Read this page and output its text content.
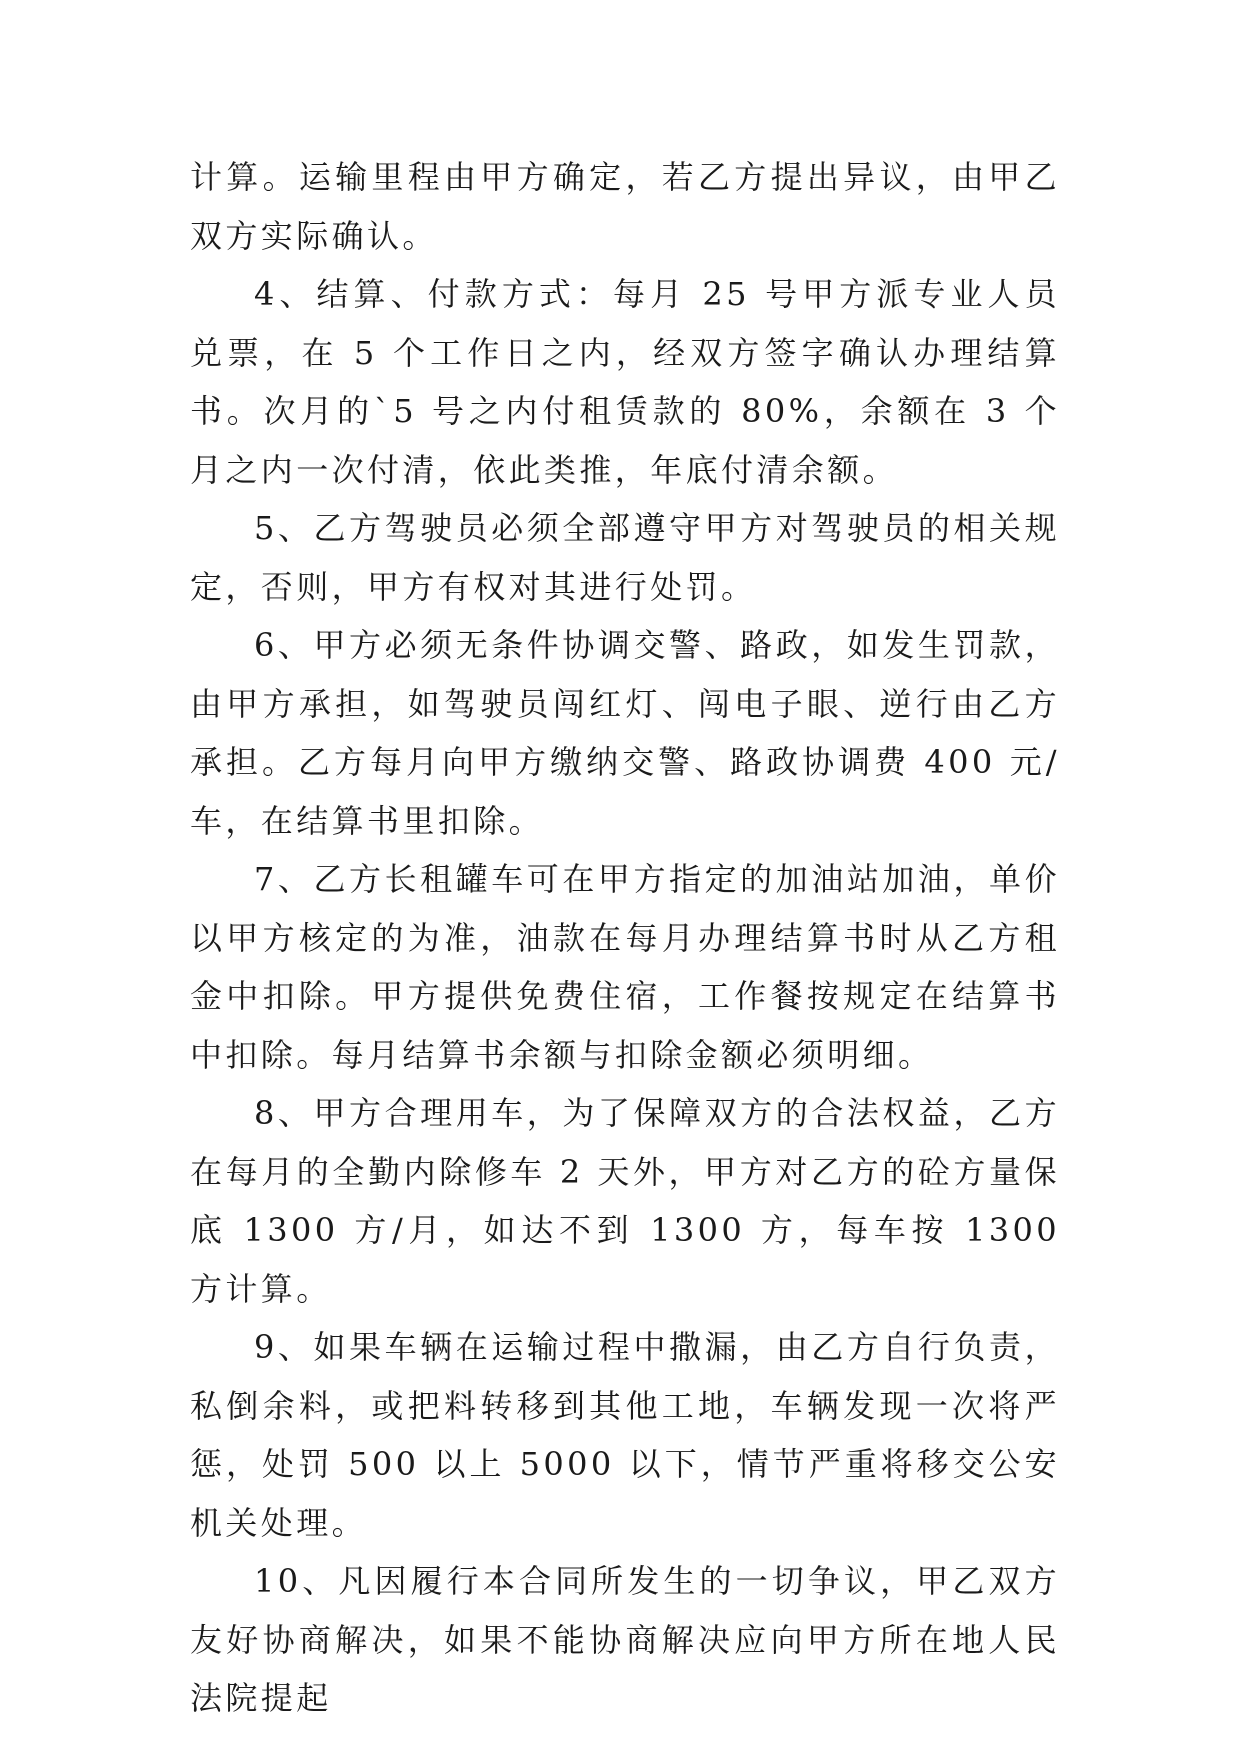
计算。运输里程由甲方确定，若乙方提出异议，由甲乙双方实际确认。

4、结算、付款方式：每月 25 号甲方派专业人员兑票，在 5 个工作日之内，经双方签字确认办理结算书。次月的`5 号之内付租赁款的 80%，余额在 3 个月之内一次付清，依此类推，年底付清余额。

5、乙方驾驶员必须全部遵守甲方对驾驶员的相关规定，否则，甲方有权对其进行处罚。

6、甲方必须无条件协调交警、路政，如发生罚款，由甲方承担，如驾驶员闯红灯、闯电子眼、逆行由乙方承担。乙方每月向甲方缴纳交警、路政协调费 400 元/车，在结算书里扣除。

7、乙方长租罐车可在甲方指定的加油站加油，单价以甲方核定的为准，油款在每月办理结算书时从乙方租金中扣除。甲方提供免费住宿，工作餐按规定在结算书中扣除。每月结算书余额与扣除金额必须明细。

8、甲方合理用车，为了保障双方的合法权益，乙方在每月的全勤内除修车 2 天外，甲方对乙方的砼方量保底 1300 方/月，如达不到 1300 方，每车按 1300 方计算。

9、如果车辆在运输过程中撒漏，由乙方自行负责，私倒余料，或把料转移到其他工地，车辆发现一次将严惩，处罚 500 以上 5000 以下，情节严重将移交公安机关处理。

10、凡因履行本合同所发生的一切争议，甲乙双方友好协商解决，如果不能协商解决应向甲方所在地人民法院提起
